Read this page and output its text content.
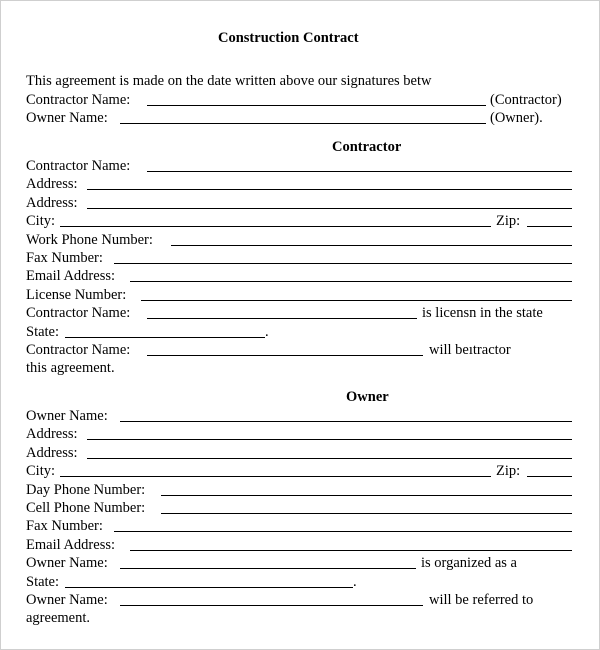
Construction Contract
This agreement is made on the date written above our signatures betw
Contractor Name:	(Contractor)
Owner Name:	(Owner).
Contractor
Contractor Name:
Address:
Address:
City:	Zip:
Work Phone Number:
Fax Number:
Email Address:
License Number:
Contractor Name:	is licensn in the state
State:	.
Contractor Name:	will beıtractor
this agreement.
Owner
Owner Name:
Address:
Address:
City:	Zip:
Day Phone Number:
Cell Phone Number:
Fax Number:
Email Address:
Owner Name:	is organized as a
State:	.
Owner Name:	will be referred to
agreement.
